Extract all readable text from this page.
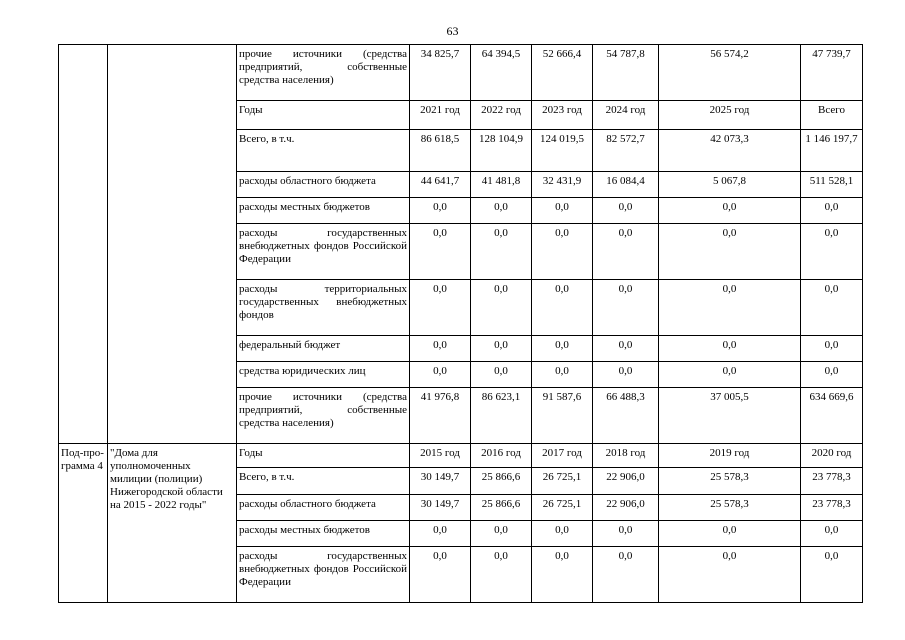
63
		прочие источники (средства предприятий, собственные средства населения)	34 825,7	64 394,5	52 666,4	54 787,8	56 574,2	47 739,7
		Годы	2021 год	2022 год	2023 год	2024 год	2025 год	Всего
		Всего, в т.ч.	86 618,5	128 104,9	124 019,5	82 572,7	42 073,3	1 146 197,7
		расходы областного бюджета	44 641,7	41 481,8	32 431,9	16 084,4	5 067,8	511 528,1
		расходы местных бюджетов	0,0	0,0	0,0	0,0	0,0	0,0
		расходы государственных внебюджетных фондов Российской Федерации	0,0	0,0	0,0	0,0	0,0	0,0
		расходы территориальных государственных внебюджетных фондов	0,0	0,0	0,0	0,0	0,0	0,0
		федеральный бюджет	0,0	0,0	0,0	0,0	0,0	0,0
		средства юридических лиц	0,0	0,0	0,0	0,0	0,0	0,0
		прочие источники (средства предприятий, собственные средства населения)	41 976,8	86 623,1	91 587,6	66 488,3	37 005,5	634 669,6
Под-про-грамма 4	"Дома для уполномоченных милиции (полиции) Нижегородской области на 2015 - 2022 годы"	Годы	2015 год	2016 год	2017 год	2018 год	2019 год	2020 год
		Всего, в т.ч.	30 149,7	25 866,6	26 725,1	22 906,0	25 578,3	23 778,3
		расходы областного бюджета	30 149,7	25 866,6	26 725,1	22 906,0	25 578,3	23 778,3
		расходы местных бюджетов	0,0	0,0	0,0	0,0	0,0	0,0
		расходы государственных внебюджетных фондов Российской Федерации	0,0	0,0	0,0	0,0	0,0	0,0
